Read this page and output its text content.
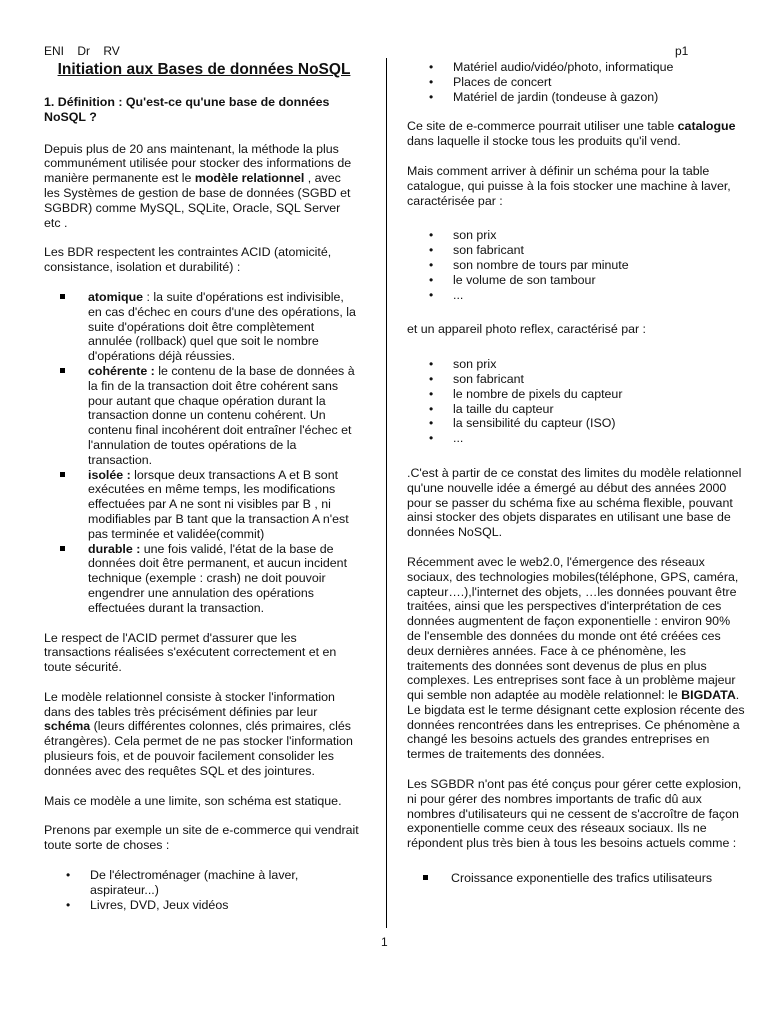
ENI Dr RV	p1
Initiation aux Bases de données NoSQL
1. Définition : Qu'est-ce qu'une base de données NoSQL ?

Depuis plus de 20 ans maintenant, la méthode la plus communément utilisée pour stocker des informations de manière permanente est le modèle relationnel , avec les Systèmes de gestion de base de données (SGBD et SGBDR) comme MySQL, SQLite, Oracle, SQL Server etc .

Les BDR respectent les contraintes ACID (atomicité, consistance, isolation et durabilité) :

atomique : la suite d'opérations est indivisible, en cas d'échec en cours d'une des opérations, la suite d'opérations doit être complètement annulée (rollback) quel que soit le nombre d'opérations déjà réussies.
cohérente : le contenu de la base de données à la fin de la transaction doit être cohérent sans pour autant que chaque opération durant la transaction donne un contenu cohérent. Un contenu final incohérent doit entraîner l'échec et l'annulation de toutes opérations de la transaction.
isolée : lorsque deux transactions A et B sont exécutées en même temps, les modifications effectuées par A ne sont ni visibles par B , ni modifiables par B tant que la transaction A n'est pas terminée et validée(commit)
durable : une fois validé, l'état de la base de données doit être permanent, et aucun incident technique (exemple : crash) ne doit pouvoir engendrer une annulation des opérations effectuées durant la transaction.

Le respect de l'ACID permet d'assurer que les transactions réalisées s'exécutent correctement et en toute sécurité.

Le modèle relationnel consiste à stocker l'information dans des tables très précisément définies par leur schéma (leurs différentes colonnes, clés primaires, clés étrangères). Cela permet de ne pas stocker l'information plusieurs fois, et de pouvoir facilement consolider les données avec des requêtes SQL et des jointures.

Mais ce modèle a une limite, son schéma est statique.

Prenons par exemple un site de e-commerce qui vendrait toute sorte de choses :

• De l'électroménager (machine à laver, aspirateur...)
• Livres, DVD, Jeux vidéos
• Matériel audio/vidéo/photo, informatique
• Places de concert
• Matériel de jardin (tondeuse à gazon)

Ce site de e-commerce pourrait utiliser une table catalogue dans laquelle il stocke tous les produits qu'il vend.

Mais comment arriver à définir un schéma pour la table catalogue, qui puisse à la fois stocker une machine à laver, caractérisée par :

• son prix
• son fabricant
• son nombre de tours par minute
• le volume de son tambour
• ...

et un appareil photo reflex, caractérisé par :

• son prix
• son fabricant
• le nombre de pixels du capteur
• la taille du capteur
• la sensibilité du capteur (ISO)
• ...

.C'est à partir de ce constat des limites du modèle relationnel qu'une nouvelle idée a émergé au début des années 2000 pour se passer du schéma fixe au schéma flexible, pouvant ainsi stocker des objets disparates en utilisant une base de données NoSQL.

Récemment avec le web2.0, l'émergence des réseaux sociaux, des technologies mobiles(téléphone, GPS, caméra, capteur….),l'internet des objets, …les données pouvant être traitées, ainsi que les perspectives d'interprétation de ces données augmentent de façon exponentielle : environ 90% de l'ensemble des données du monde ont été créées ces deux dernières années. Face à ce phénomène, les traitements des données sont devenus de plus en plus complexes. Les entreprises sont face à un problème majeur qui semble non adaptée au modèle relationnel: le BIGDATA. Le bigdata est le terme désignant cette explosion récente des données rencontrées dans les entreprises. Ce phénomène a changé les besoins actuels des grandes entreprises en termes de traitements des données.

Les SGBDR n'ont pas été conçus pour gérer cette explosion, ni pour gérer des nombres importants de trafic dû aux nombres d'utilisateurs qui ne cessent de s'accroître de façon exponentielle comme ceux des réseaux sociaux. Ils ne répondent plus très bien à tous les besoins actuels comme :

Croissance exponentielle des trafics utilisateurs
1
